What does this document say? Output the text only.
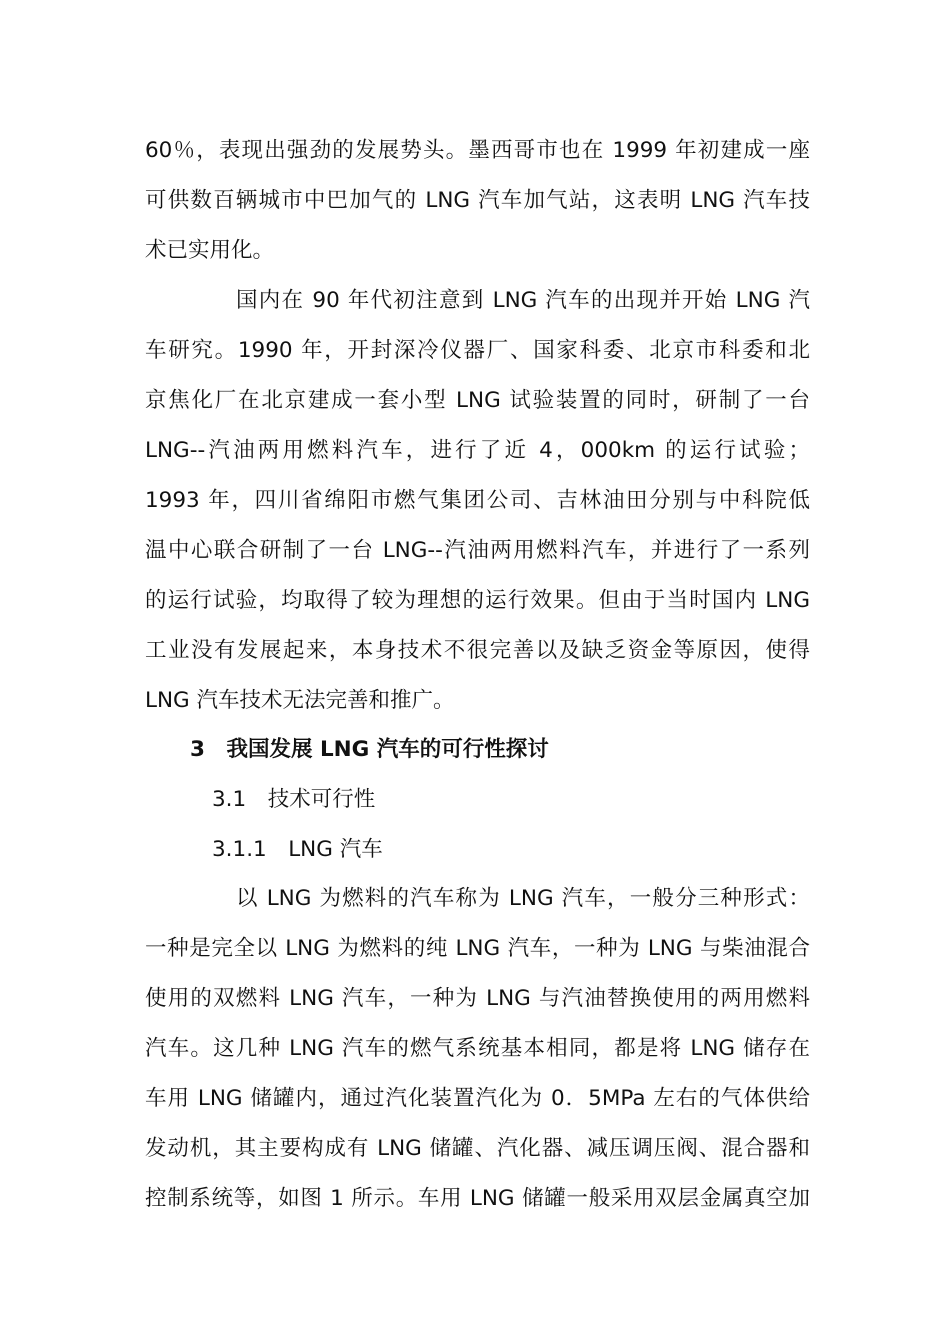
60％，表现出强劲的发展势头。墨西哥市也在 1999 年初建成一座
可供数百辆城市中巴加气的 LNG 汽车加气站，这表明 LNG 汽车技
术已实用化。
国内在 90 年代初注意到 LNG 汽车的出现并开始 LNG 汽
车研究。1990 年，开封深冷仪器厂、国家科委、北京市科委和北
京焦化厂在北京建成一套小型 LNG 试验装置的同时，研制了一台
LNG--汽油两用燃料汽车，进行了近 4，000km 的运行试验；
1993 年，四川省绵阳市燃气集团公司、吉林油田分别与中科院低
温中心联合研制了一台 LNG--汽油两用燃料汽车，并进行了一系列
的运行试验，均取得了较为理想的运行效果。但由于当时国内 LNG
工业没有发展起来，本身技术不很完善以及缺乏资金等原因，使得
LNG 汽车技术无法完善和推广。
3　我国发展 LNG 汽车的可行性探讨
3.1　技术可行性
3.1.1　LNG 汽车
以 LNG 为燃料的汽车称为 LNG 汽车，一般分三种形式：
一种是完全以 LNG 为燃料的纯 LNG 汽车，一种为 LNG 与柴油混合
使用的双燃料 LNG 汽车，一种为 LNG 与汽油替换使用的两用燃料
汽车。这几种 LNG 汽车的燃气系统基本相同，都是将 LNG 储存在
车用 LNG 储罐内，通过汽化装置汽化为 0．5MPa 左右的气体供给
发动机，其主要构成有 LNG 储罐、汽化器、减压调压阀、混合器和
控制系统等，如图 1 所示。车用 LNG 储罐一般采用双层金属真空加
